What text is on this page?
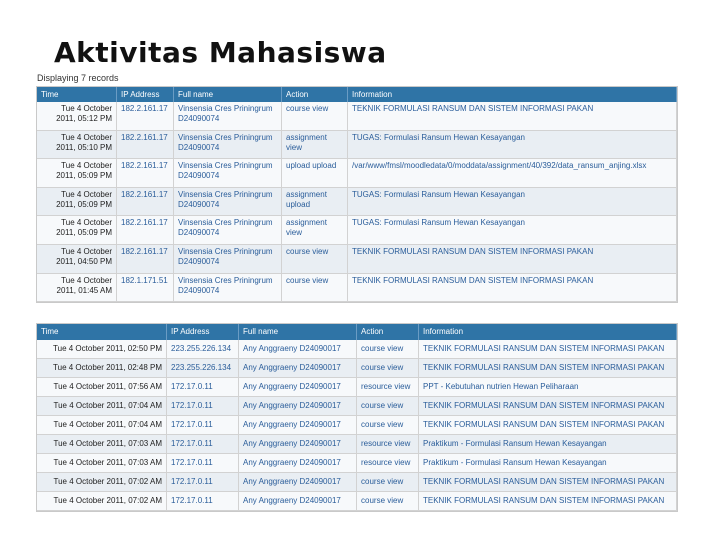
Aktivitas Mahasiswa
Displaying 7 records
Time	IP Address	Full name	Action	Information
Tue 4 October 2011, 05:12 PM	182.2.161.17	Vinsensia Cres Priningrum D24090074	course view	TEKNIK FORMULASI RANSUM DAN SISTEM INFORMASI PAKAN
Tue 4 October 2011, 05:10 PM	182.2.161.17	Vinsensia Cres Priningrum D24090074	assignment view	TUGAS: Formulasi Ransum Hewan Kesayangan
Tue 4 October 2011, 05:09 PM	182.2.161.17	Vinsensia Cres Priningrum D24090074	upload upload	/var/www/fmsl/moodledata/0/moddata/assignment/40/392/data_ransum_anjing.xlsx
Tue 4 October 2011, 05:09 PM	182.2.161.17	Vinsensia Cres Priningrum D24090074	assignment upload	TUGAS: Formulasi Ransum Hewan Kesayangan
Tue 4 October 2011, 05:09 PM	182.2.161.17	Vinsensia Cres Priningrum D24090074	assignment view	TUGAS: Formulasi Ransum Hewan Kesayangan
Tue 4 October 2011, 04:50 PM	182.2.161.17	Vinsensia Cres Priningrum D24090074	course view	TEKNIK FORMULASI RANSUM DAN SISTEM INFORMASI PAKAN
Tue 4 October 2011, 01:45 AM	182.1.171.51	Vinsensia Cres Priningrum D24090074	course view	TEKNIK FORMULASI RANSUM DAN SISTEM INFORMASI PAKAN
Time	IP Address	Full name	Action	Information
Tue 4 October 2011, 02:50 PM	223.255.226.134	Any Anggraeny D24090017	course view	TEKNIK FORMULASI RANSUM DAN SISTEM INFORMASI PAKAN
Tue 4 October 2011, 02:48 PM	223.255.226.134	Any Anggraeny D24090017	course view	TEKNIK FORMULASI RANSUM DAN SISTEM INFORMASI PAKAN
Tue 4 October 2011, 07:56 AM	172.17.0.11	Any Anggraeny D24090017	resource view	PPT - Kebutuhan nutrien Hewan Peliharaan
Tue 4 October 2011, 07:04 AM	172.17.0.11	Any Anggraeny D24090017	course view	TEKNIK FORMULASI RANSUM DAN SISTEM INFORMASI PAKAN
Tue 4 October 2011, 07:04 AM	172.17.0.11	Any Anggraeny D24090017	course view	TEKNIK FORMULASI RANSUM DAN SISTEM INFORMASI PAKAN
Tue 4 October 2011, 07:03 AM	172.17.0.11	Any Anggraeny D24090017	resource view	Praktikum - Formulasi Ransum Hewan Kesayangan
Tue 4 October 2011, 07:03 AM	172.17.0.11	Any Anggraeny D24090017	resource view	Praktikum - Formulasi Ransum Hewan Kesayangan
Tue 4 October 2011, 07:02 AM	172.17.0.11	Any Anggraeny D24090017	course view	TEKNIK FORMULASI RANSUM DAN SISTEM INFORMASI PAKAN
Tue 4 October 2011, 07:02 AM	172.17.0.11	Any Anggraeny D24090017	course view	TEKNIK FORMULASI RANSUM DAN SISTEM INFORMASI PAKAN
